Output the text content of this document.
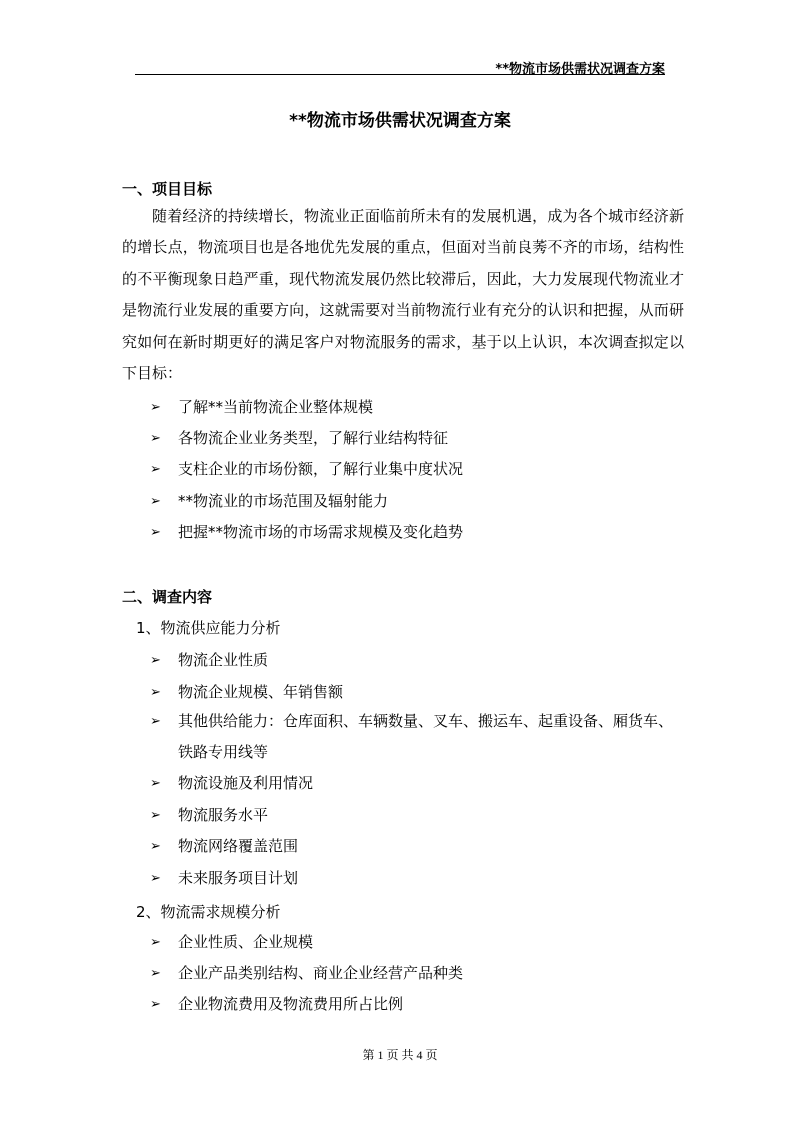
**物流市场供需状况调查方案
**物流市场供需状况调查方案
一、项目目标
随着经济的持续增长，物流业正面临前所未有的发展机遇，成为各个城市经济新的增长点，物流项目也是各地优先发展的重点，但面对当前良莠不齐的市场，结构性的不平衡现象日趋严重，现代物流发展仍然比较滞后，因此，大力发展现代物流业才是物流行业发展的重要方向，这就需要对当前物流行业有充分的认识和把握，从而研究如何在新时期更好的满足客户对物流服务的需求，基于以上认识，本次调查拟定以下目标：
➢	了解**当前物流企业整体规模
➢	各物流企业业务类型，了解行业结构特征
➢	支柱企业的市场份额，了解行业集中度状况
➢	**物流业的市场范围及辐射能力
➢	把握**物流市场的市场需求规模及变化趋势
二、调查内容
1、物流供应能力分析
➢	物流企业性质
➢	物流企业规模、年销售额
➢	其他供给能力：仓库面积、车辆数量、叉车、搬运车、起重设备、厢货车、铁路专用线等
➢	物流设施及利用情况
➢	物流服务水平
➢	物流网络覆盖范围
➢	未来服务项目计划
2、物流需求规模分析
➢	企业性质、企业规模
➢	企业产品类别结构、商业企业经营产品种类
➢	企业物流费用及物流费用所占比例
第 1 页 共 4 页
